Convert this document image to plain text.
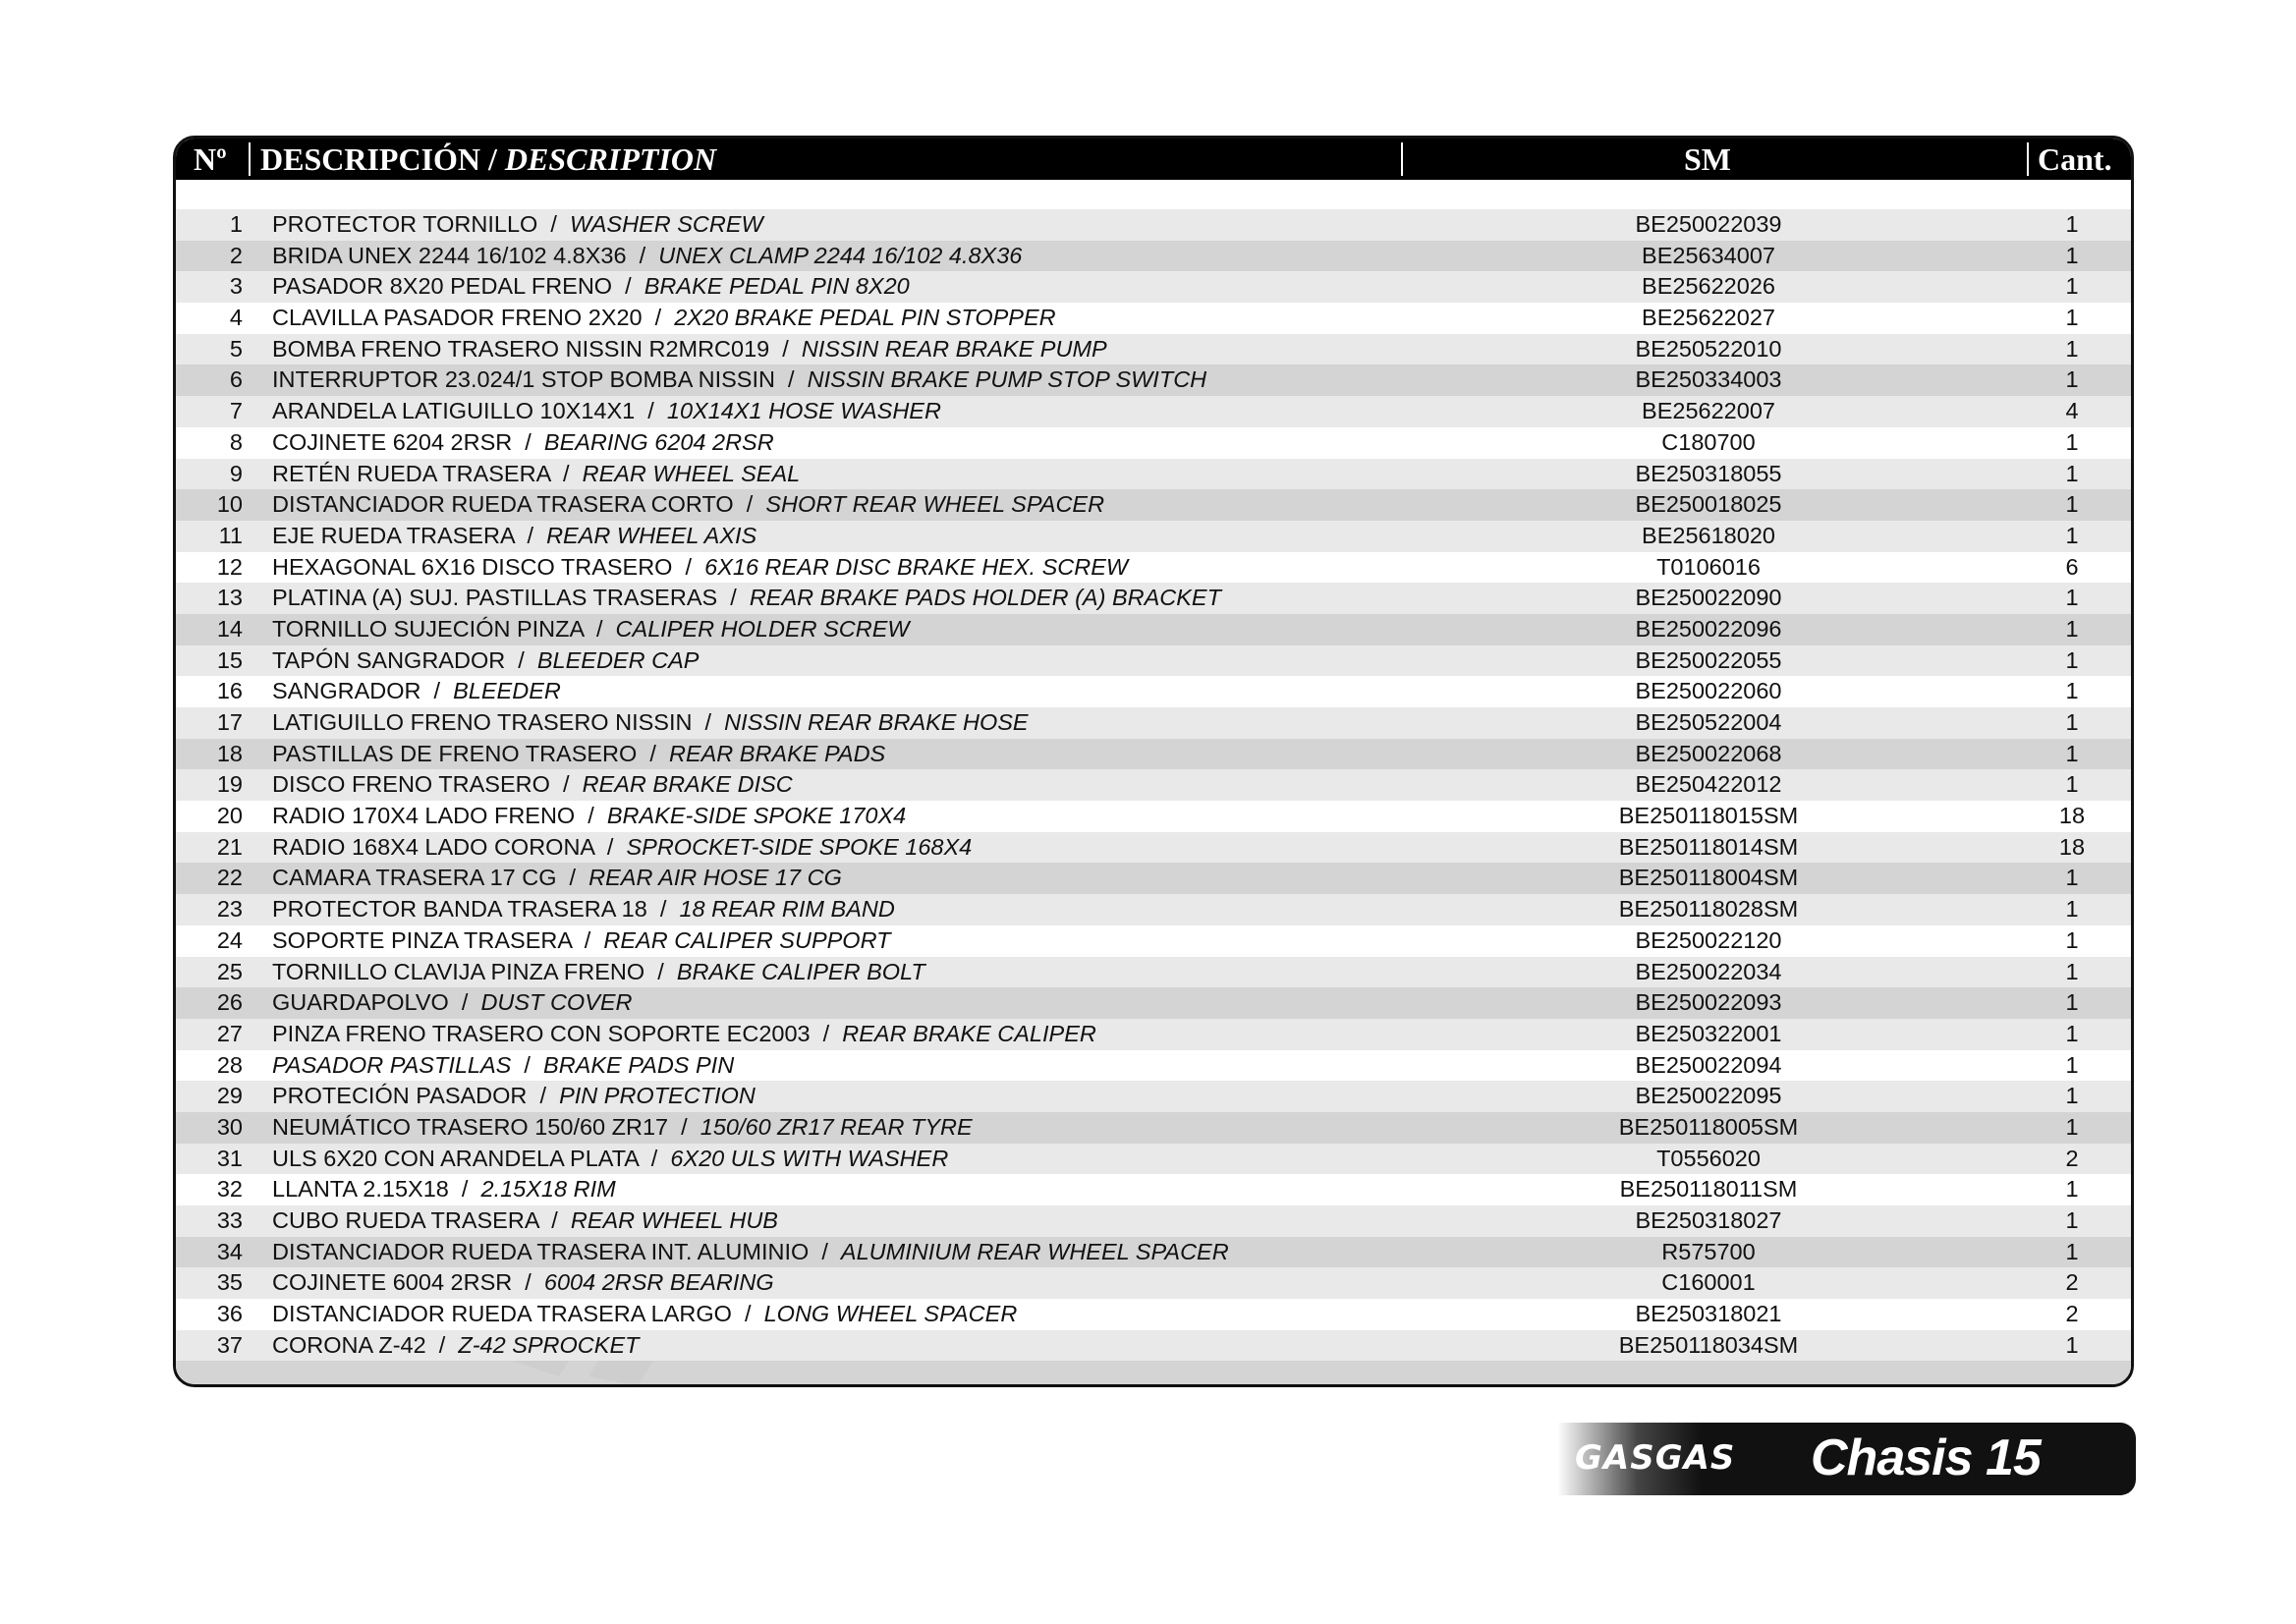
Nº DESCRIPCIÓN / DESCRIPTION	SM	Cant.
1 PROTECTOR TORNILLO  /  WASHER SCREW	BE250022039	1
2 BRIDA UNEX 2244 16/102 4.8X36  /  UNEX CLAMP 2244 16/102 4.8X36	BE25634007	1
3 PASADOR 8X20 PEDAL FRENO  /  BRAKE PEDAL PIN 8X20	BE25622026	1
4 CLAVILLA PASADOR FRENO 2X20  /  2X20 BRAKE PEDAL PIN STOPPER	BE25622027	1
5 BOMBA FRENO TRASERO NISSIN R2MRC019  /  NISSIN REAR BRAKE PUMP	BE250522010	1
6 INTERRUPTOR 23.024/1 STOP BOMBA NISSIN  /  NISSIN BRAKE PUMP STOP SWITCH	BE250334003	1
7 ARANDELA LATIGUILLO 10X14X1  /  10X14X1 HOSE WASHER	BE25622007	4
8 COJINETE 6204 2RSR  /  BEARING 6204 2RSR	C180700	1
9 RETÉN RUEDA TRASERA  /  REAR WHEEL SEAL	BE250318055	1
10 DISTANCIADOR RUEDA TRASERA CORTO  /  SHORT REAR WHEEL SPACER	BE250018025	1
11 EJE RUEDA TRASERA  /  REAR WHEEL AXIS	BE25618020	1
12 HEXAGONAL 6X16 DISCO TRASERO  /  6X16 REAR DISC BRAKE HEX. SCREW	T0106016	6
13 PLATINA (A) SUJ. PASTILLAS TRASERAS  /  REAR BRAKE PADS HOLDER (A) BRACKET	BE250022090	1
14 TORNILLO SUJECIÓN PINZA  /  CALIPER HOLDER SCREW	BE250022096	1
15 TAPÓN SANGRADOR  /  BLEEDER CAP	BE250022055	1
16 SANGRADOR  /  BLEEDER	BE250022060	1
17 LATIGUILLO FRENO TRASERO NISSIN  /  NISSIN REAR BRAKE HOSE	BE250522004	1
18 PASTILLAS DE FRENO TRASERO  /  REAR BRAKE PADS	BE250022068	1
19 DISCO FRENO TRASERO  /  REAR BRAKE DISC	BE250422012	1
20 RADIO 170X4 LADO FRENO  /  BRAKE-SIDE SPOKE 170X4	BE250118015SM	18
21 RADIO 168X4 LADO CORONA  /  SPROCKET-SIDE SPOKE 168X4	BE250118014SM	18
22 CAMARA TRASERA 17 CG  /  REAR AIR HOSE 17 CG	BE250118004SM	1
23 PROTECTOR BANDA TRASERA 18  /  18 REAR RIM BAND	BE250118028SM	1
24 SOPORTE PINZA TRASERA  /  REAR CALIPER SUPPORT	BE250022120	1
25 TORNILLO CLAVIJA PINZA FRENO  /  BRAKE CALIPER BOLT	BE250022034	1
26 GUARDAPOLVO  /  DUST COVER	BE250022093	1
27 PINZA FRENO TRASERO CON SOPORTE EC2003  /  REAR BRAKE CALIPER	BE250322001	1
28 PASADOR PASTILLAS  /  BRAKE PADS PIN	BE250022094	1
29 PROTECIÓN PASADOR  /  PIN PROTECTION	BE250022095	1
30 NEUMÁTICO TRASERO 150/60 ZR17  /  150/60 ZR17 REAR TYRE	BE250118005SM	1
31 ULS 6X20 CON ARANDELA PLATA  /  6X20 ULS WITH WASHER	T0556020	2
32 LLANTA 2.15X18  /  2.15X18 RIM	BE250118011SM	1
33 CUBO RUEDA TRASERA  /  REAR WHEEL HUB	BE250318027	1
34 DISTANCIADOR RUEDA TRASERA INT. ALUMINIO  /  ALUMINIUM REAR WHEEL SPACER	R575700	1
35 COJINETE 6004 2RSR  /  6004 2RSR BEARING	C160001	2
36 DISTANCIADOR RUEDA TRASERA LARGO  /  LONG WHEEL SPACER	BE250318021	2
37 CORONA Z-42  /  Z-42 SPROCKET	BE250118034SM	1
GASGAS Chasis 15
